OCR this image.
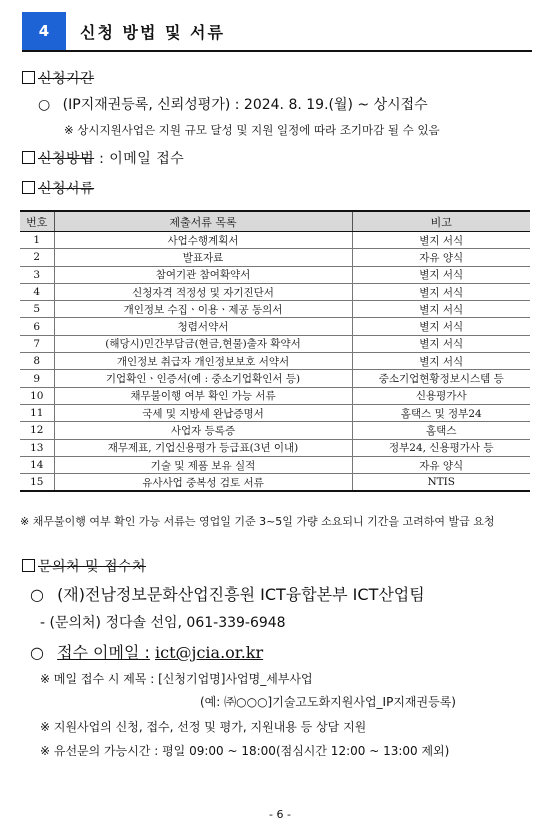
4	신청 방법 및 서류
신청기간
○ (IP지재권등록, 신뢰성평가) : 2024. 8. 19.(월) ~ 상시접수
※ 상시지원사업은 지원 규모 달성 및 지원 일정에 따라 조기마감 될 수 있음
신청방법 : 이메일 접수
신청서류
번호	제출서류 목록	비고
1	사업수행계획서	별지 서식
2	발표자료	자유 양식
3	참여기관 참여확약서	별지 서식
4	신청자격 적정성 및 자기진단서	별지 서식
5	개인정보 수집ㆍ이용ㆍ제공 동의서	별지 서식
6	청렴서약서	별지 서식
7	(해당시)민간부담금(현금,현물)출자 확약서	별지 서식
8	개인정보 취급자 개인정보보호 서약서	별지 서식
9	기업확인ㆍ인증서(예 : 중소기업확인서 등)	중소기업현황정보시스템 등
10	채무불이행 여부 확인 가능 서류	신용평가사
11	국세 및 지방세 완납증명서	홈택스 및 정부24
12	사업자 등록증	홈택스
13	재무제표, 기업신용평가 등급표(3년 이내)	정부24, 신용평가사 등
14	기술 및 제품 보유 실적	자유 양식
15	유사사업 중복성 검토 서류	NTIS
※ 채무불이행 여부 확인 가능 서류는 영업일 기준 3~5일 가량 소요되니 기간을 고려하여 발급 요청
문의처 및 접수처
○ (재)전남정보문화산업진흥원 ICT융합본부 ICT산업팀
- (문의처) 정다솔 선임, 061-339-6948
○ 접수 이메일 : ict@jcia.or.kr
※ 메일 접수 시 제목 : [신청기업명]사업명_세부사업
(예: ㈜○○○]기술고도화지원사업_IP지재권등록)
※ 지원사업의 신청, 접수, 선정 및 평가, 지원내용 등 상담 지원
※ 유선문의 가능시간 : 평일 09:00 ~ 18:00(점심시간 12:00 ~ 13:00 제외)
- 6 -
